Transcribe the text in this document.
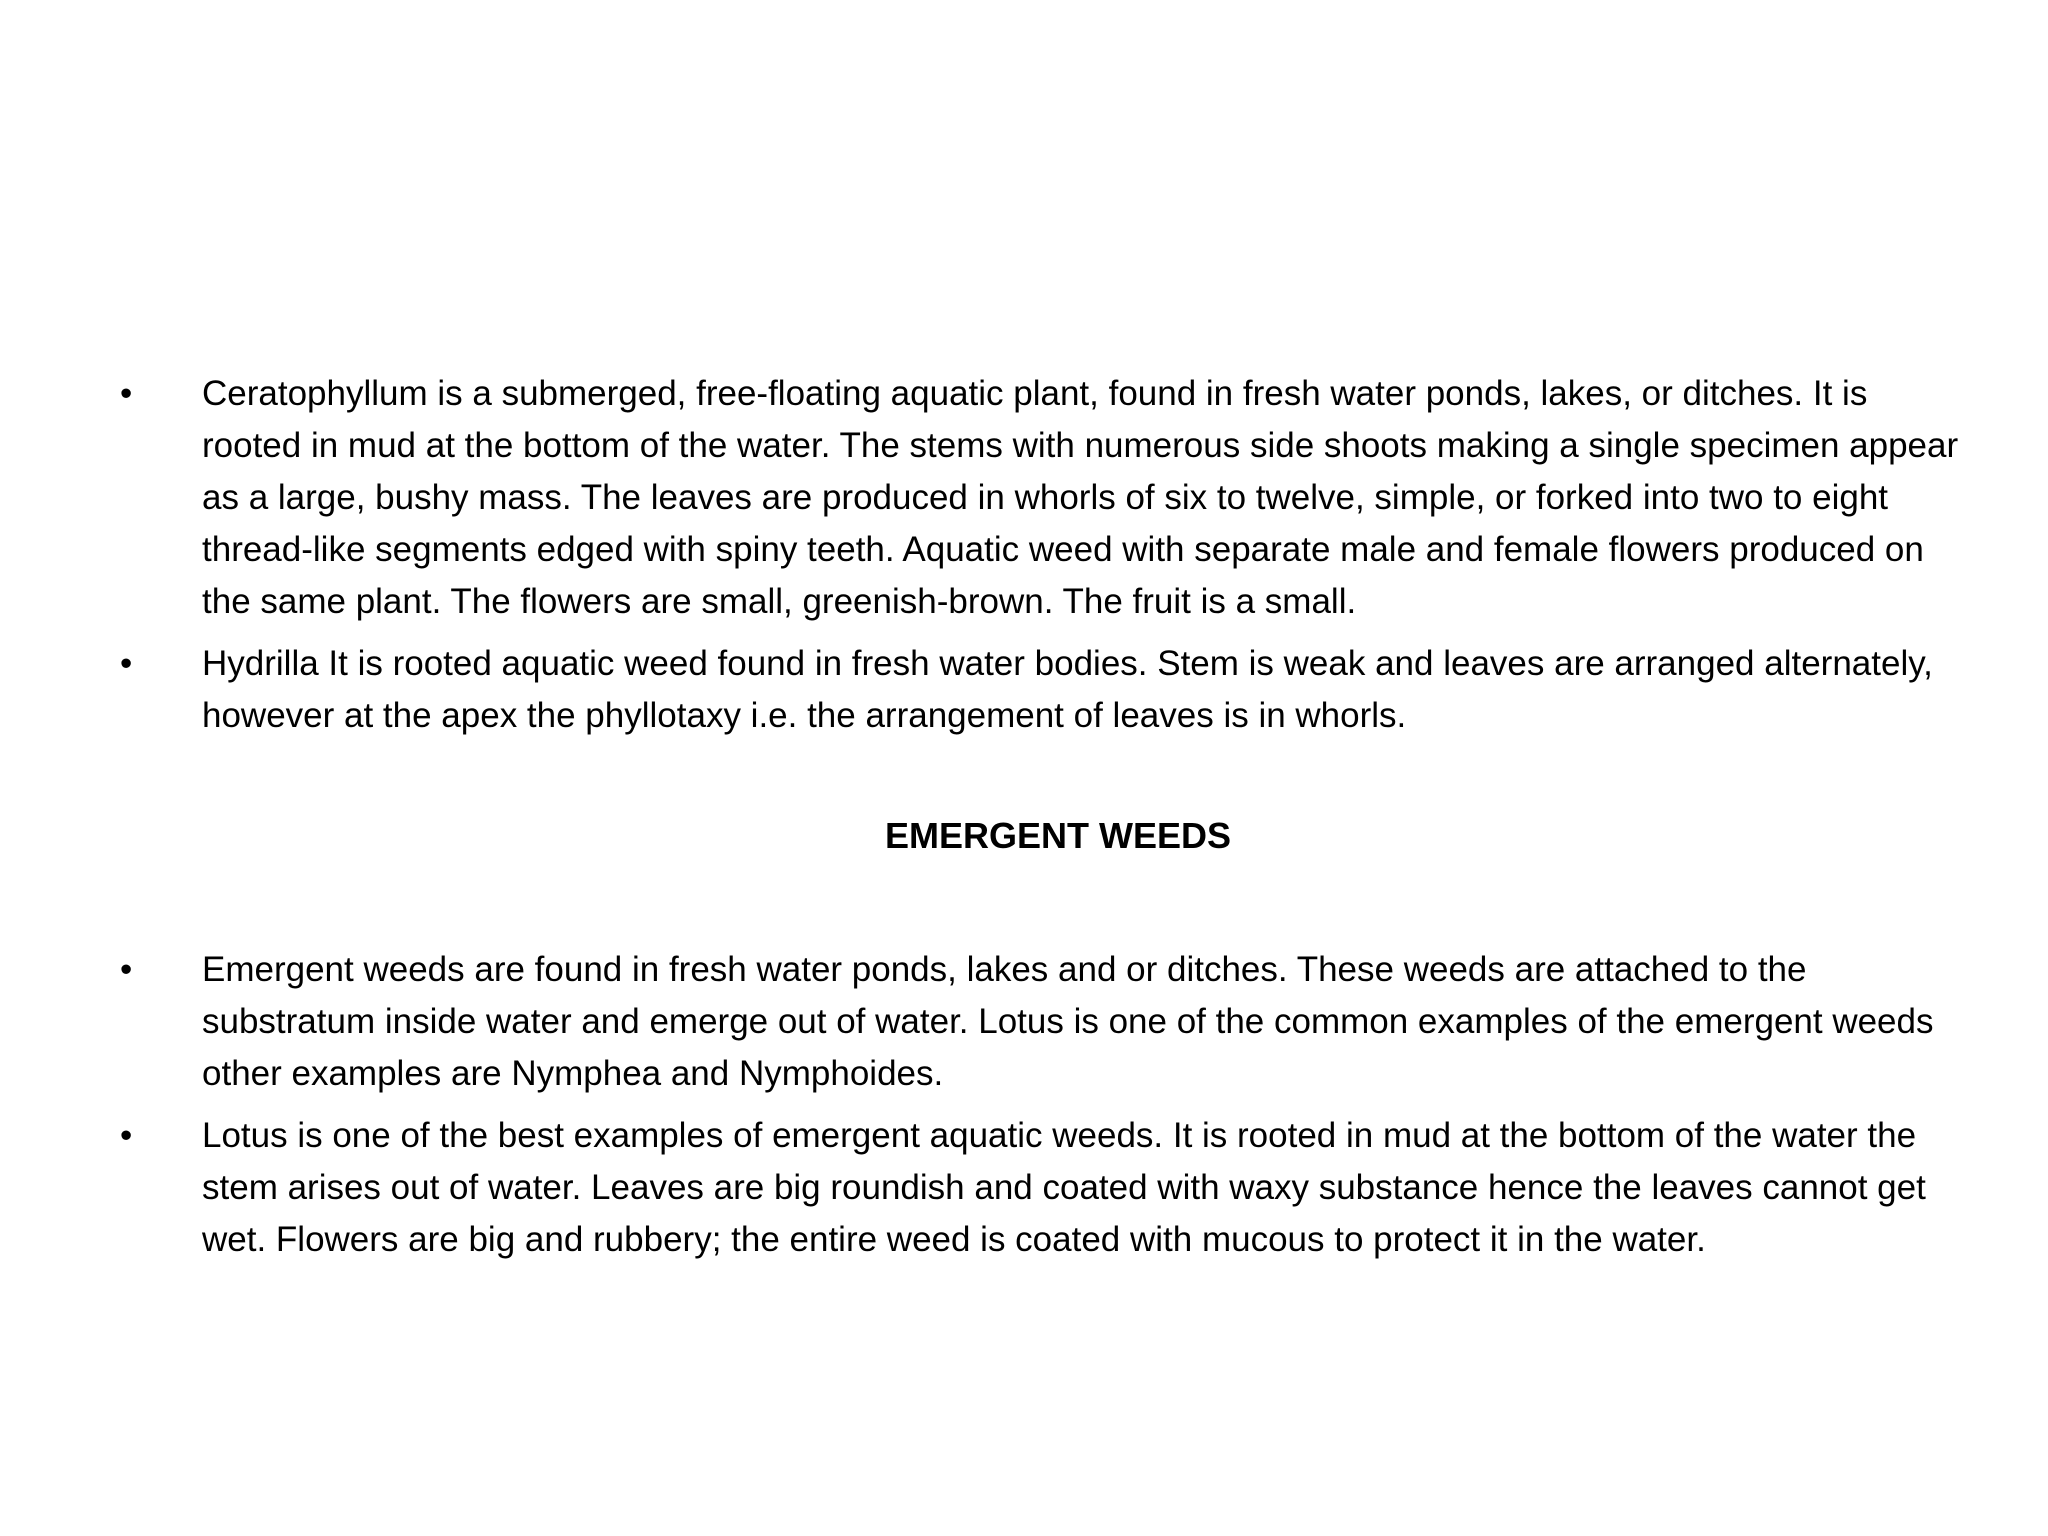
•	Ceratophyllum is a submerged, free-floating aquatic plant, found in fresh water ponds, lakes, or ditches. It is rooted in mud at the bottom of the water. The stems with numerous side shoots making a single specimen appear as a large, bushy mass. The leaves are produced in whorls of six to twelve, simple, or forked into two to eight thread-like segments edged with spiny teeth. Aquatic weed with separate male and female flowers produced on the same plant. The flowers are small, greenish-brown. The fruit is a small.
•	Hydrilla It is rooted aquatic weed found in fresh water bodies. Stem is weak and leaves are arranged alternately, however at the apex the phyllotaxy i.e. the arrangement of leaves is in whorls.
EMERGENT WEEDS
•	Emergent weeds are found in fresh water ponds, lakes and or ditches. These weeds are attached to the substratum inside water and emerge out of water. Lotus is one of the common examples of the emergent weeds other examples are Nymphea and Nymphoides.
•	Lotus is one of the best examples of emergent aquatic weeds. It is rooted in mud at the bottom of the water the stem arises out of water. Leaves are big roundish and coated with waxy substance hence the leaves cannot get wet. Flowers are big and rubbery; the entire weed is coated with mucous to protect it in the water.
